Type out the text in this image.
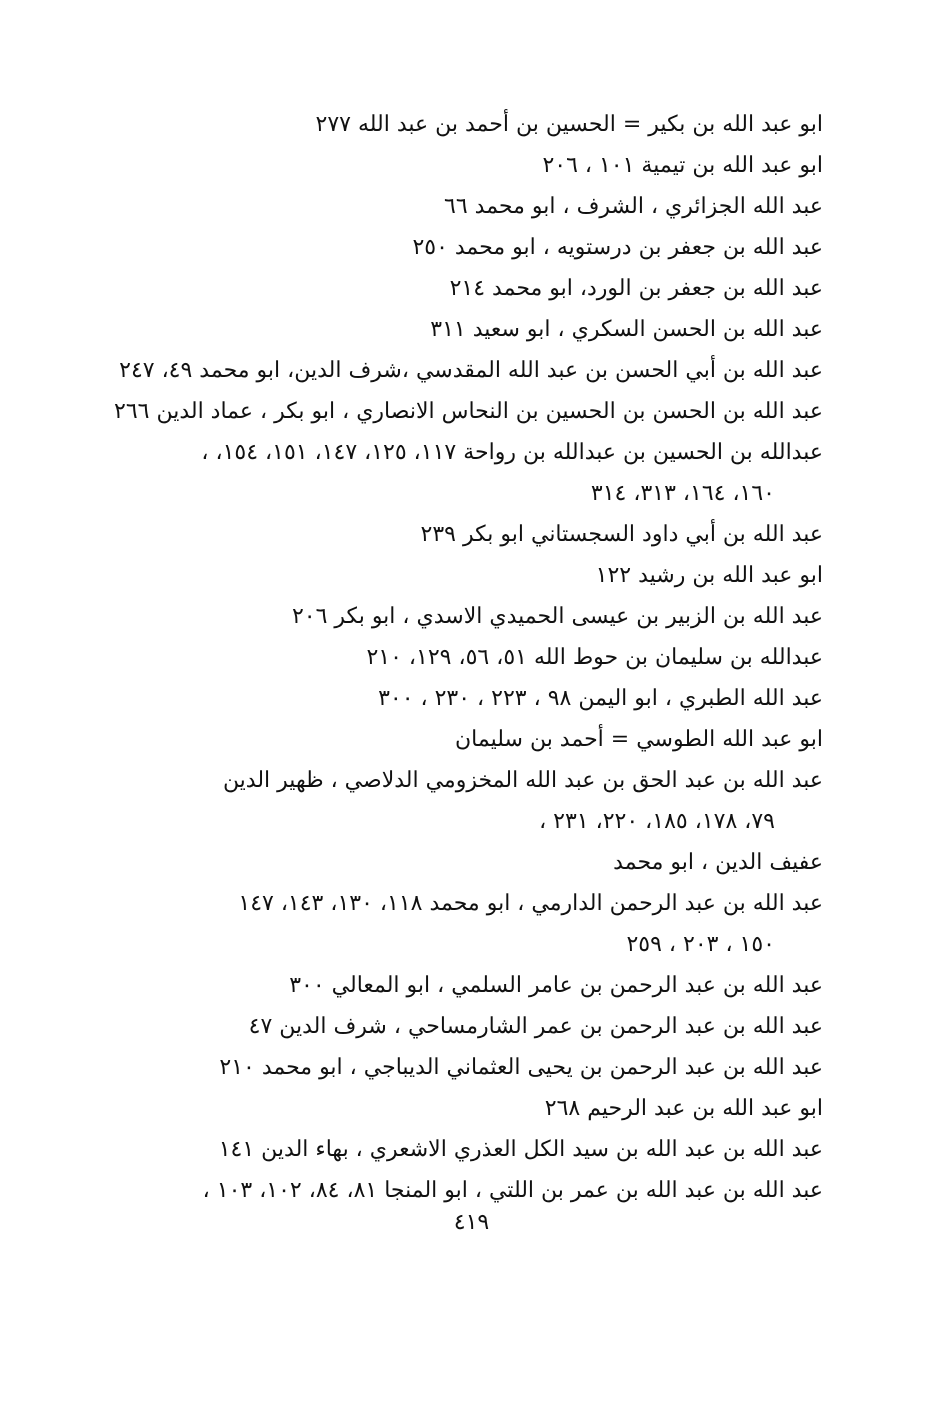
ابو عبد الله بن بكير = الحسين بن أحمد بن عبد الله ٢٧٧
ابو عبد الله بن تيمية ١٠١ ، ٢٠٦
عبد الله الجزائري ، الشرف ، ابو محمد ٦٦
عبد الله بن جعفر بن درستويه ، ابو محمد ٢٥٠
عبد الله بن جعفر بن الورد، ابو محمد ٢١٤
عبد الله بن الحسن السكري ، ابو سعيد ٣١١
عبد الله بن أبي الحسن بن عبد الله المقدسي ،شرف الدين، ابو محمد ٤٩، ٢٤٧
عبد الله بن الحسن بن الحسين بن النحاس الانصاري ، ابو بكر ، عماد الدين ٢٦٦
عبدالله بن الحسين بن عبدالله بن رواحة ١١٧، ١٢٥، ١٤٧، ١٥١، ١٥٤، ،
١٦٠، ١٦٤، ٣١٣، ٣١٤
عبد الله بن أبي داود السجستاني ابو بكر ٢٣٩
ابو عبد الله بن رشيد ١٢٢
عبد الله بن الزبير بن عيسى الحميدي الاسدي ، ابو بكر ٢٠٦
عبدالله بن سليمان بن حوط الله ٥١، ٥٦، ١٢٩، ٢١٠
عبد الله الطبري ، ابو اليمن ٩٨ ، ٢٢٣ ، ٢٣٠ ، ٣٠٠
ابو عبد الله الطوسي = أحمد بن سليمان
عبد الله بن عبد الحق بن عبد الله المخزومي الدلاصي ، ظهير الدين
٧٩، ١٧٨، ١٨٥، ٢٢٠، ٢٣١ ،
عفيف الدين ، ابو محمد
عبد الله بن عبد الرحمن الدارمي ، ابو محمد ١١٨، ١٣٠، ١٤٣، ١٤٧
١٥٠ ، ٢٠٣ ، ٢٥٩
عبد الله بن عبد الرحمن بن عامر السلمي ، ابو المعالي ٣٠٠
عبد الله بن عبد الرحمن بن عمر الشارمساحي ، شرف الدين ٤٧
عبد الله بن عبد الرحمن بن يحيى العثماني الديباجي ، ابو محمد ٢١٠
ابو عبد الله بن عبد الرحيم ٢٦٨
عبد الله بن عبد الله بن سيد الكل العذري الاشعري ، بهاء الدين ١٤١
عبد الله بن عبد الله بن عمر بن اللتي ، ابو المنجا ٨١، ٨٤، ١٠٢، ١٠٣ ،
٤١٩
